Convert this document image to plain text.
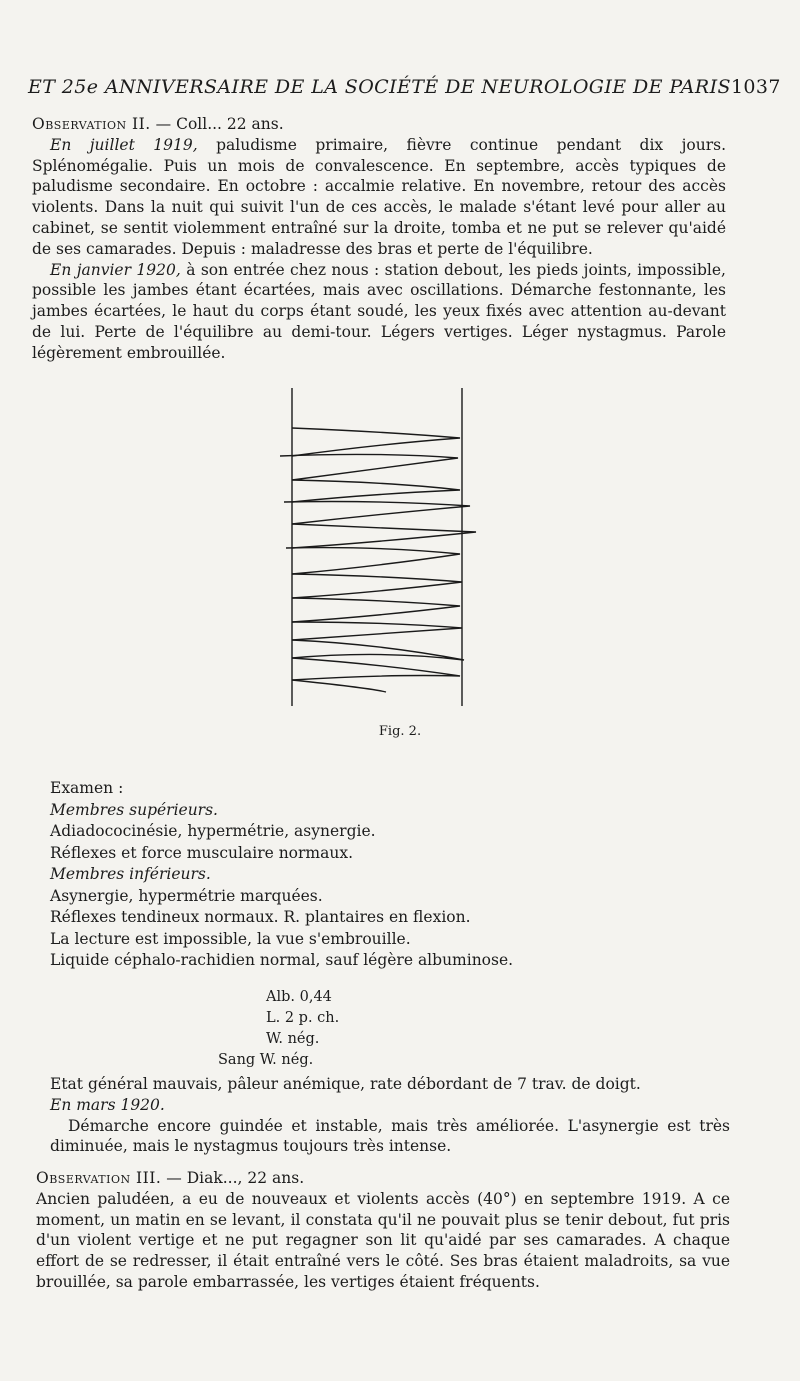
ET 25e ANNIVERSAIRE DE LA SOCIÉTÉ DE NEUROLOGIE DE PARIS 1037

Observation II. — Coll... 22 ans.

En juillet 1919, paludisme primaire, fièvre continue pendant dix jours. Splénomégalie. Puis un mois de convalescence. En septembre, accès typiques de paludisme secondaire. En octobre : accalmie relative. En novembre, retour des accès violents. Dans la nuit qui suivit l'un de ces accès, le malade s'étant levé pour aller au cabinet, se sentit violemment entraîné sur la droite, tomba et ne put se relever qu'aidé de ses camarades. Depuis : maladresse des bras et perte de l'équilibre.

En janvier 1920, à son entrée chez nous : station debout, les pieds joints, impossible, possible les jambes étant écartées, mais avec oscillations. Démarche festonnante, les jambes écartées, le haut du corps étant soudé, les yeux fixés avec attention au-devant de lui. Perte de l'équilibre au demi-tour. Légers vertiges. Léger nystagmus. Parole légèrement embrouillée.

Fig. 2.
Examen :
Membres supérieurs.
Adiadococinésie, hypermétrie, asynergie.
Réflexes et force musculaire normaux.
Membres inférieurs.
Asynergie, hypermétrie marquées.
Réflexes tendineux normaux. R. plantaires en flexion.
La lecture est impossible, la vue s'embrouille.
Liquide céphalo-rachidien normal, sauf légère albuminose.
Alb. 0,44
L. 2 p. ch.
W. nég.
Sang W. nég.

Etat général mauvais, pâleur anémique, rate débordant de 7 trav. de doigt.

En mars 1920.

Démarche encore guindée et instable, mais très améliorée. L'asynergie est très diminuée, mais le nystagmus toujours très intense.

Observation III. — Diak..., 22 ans.

Ancien paludéen, a eu de nouveaux et violents accès (40°) en septembre 1919. A ce moment, un matin en se levant, il constata qu'il ne pouvait plus se tenir debout, fut pris d'un violent vertige et ne put regagner son lit qu'aidé par ses camarades. A chaque effort de se redresser, il était entraîné vers le côté. Ses bras étaient maladroits, sa vue brouillée, sa parole embarrassée, les vertiges étaient fréquents.
